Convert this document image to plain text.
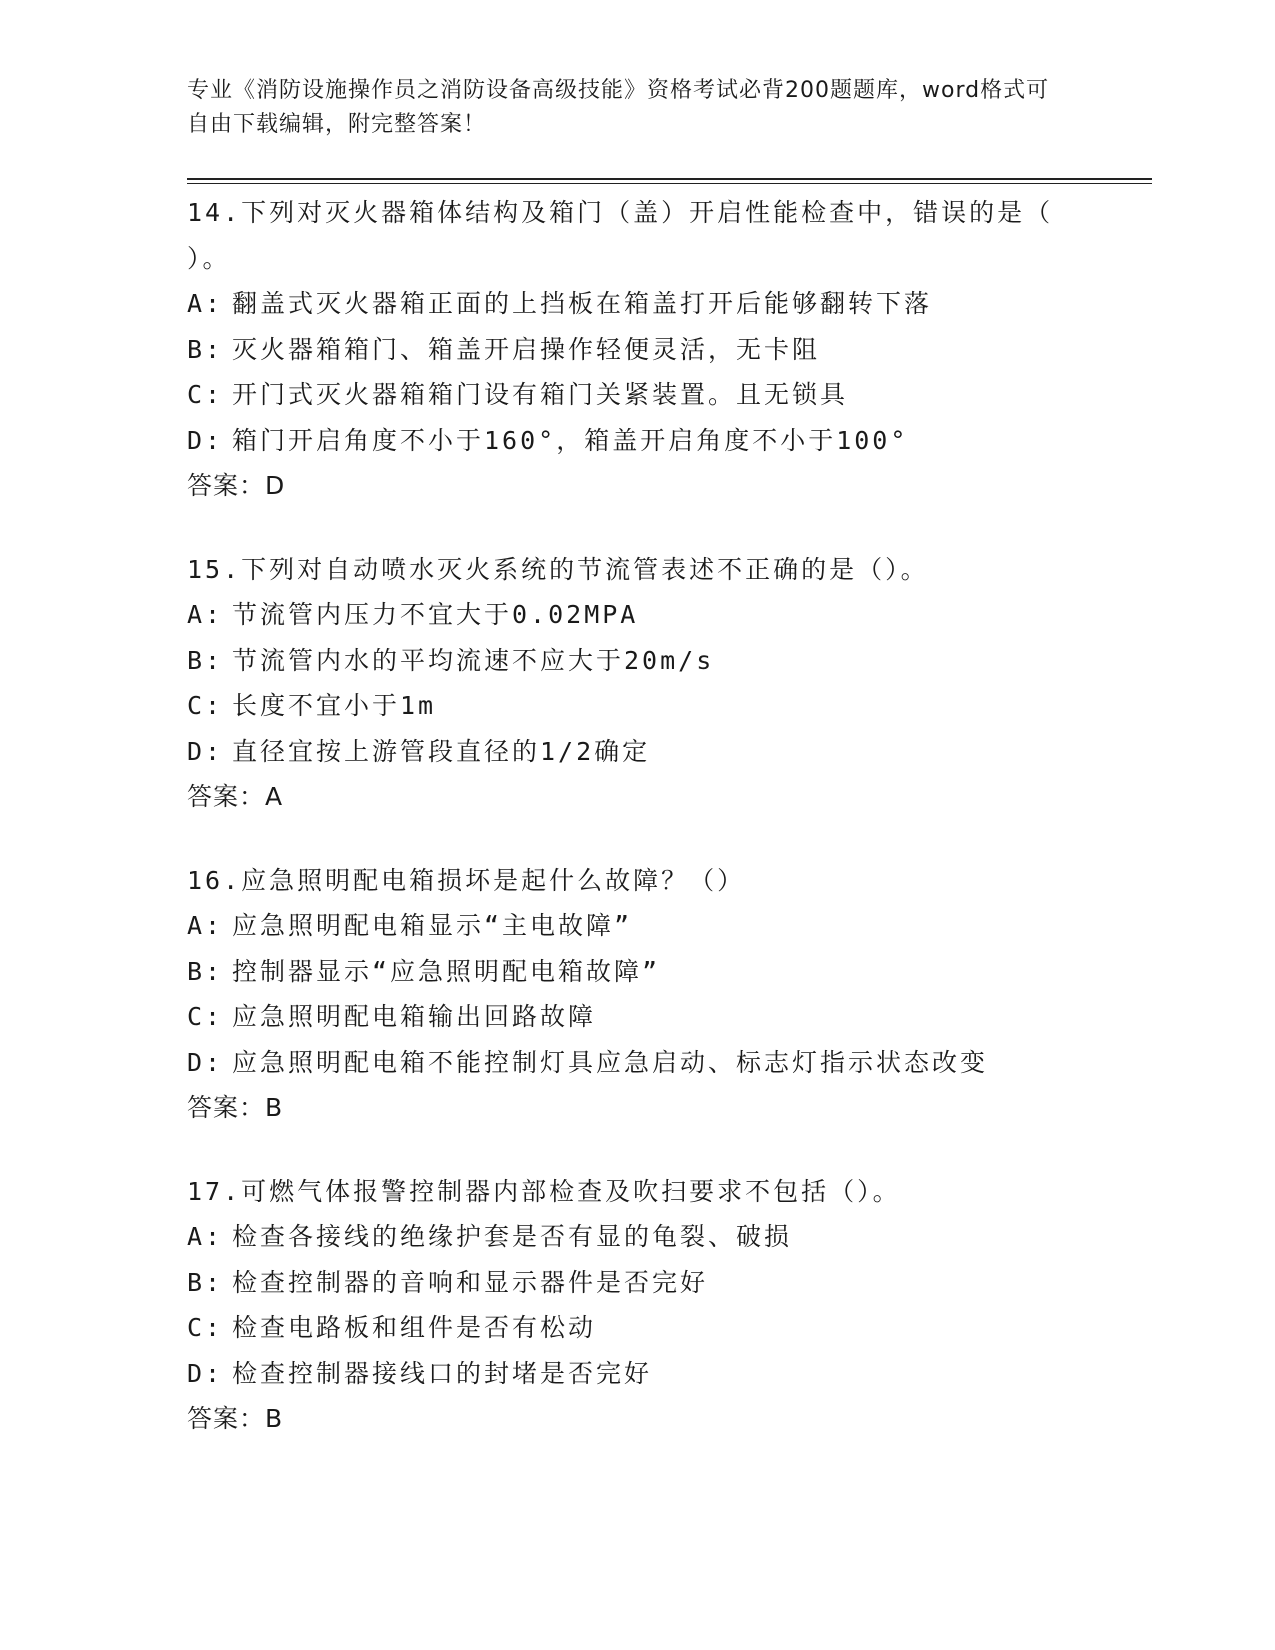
专业《消防设施操作员之消防设备高级技能》资格考试必背200题题库，word格式可自由下载编辑，附完整答案！

14.下列对灭火器箱体结构及箱门（盖）开启性能检查中，错误的是（ ）。

A: 翻盖式灭火器箱正面的上挡板在箱盖打开后能够翻转下落
B: 灭火器箱箱门、箱盖开启操作轻便灵活，无卡阻
C: 开门式灭火器箱箱门设有箱门关紧装置。且无锁具
D: 箱门开启角度不小于160°，箱盖开启角度不小于100°
答案：D

15.下列对自动喷水灭火系统的节流管表述不正确的是（）。

A: 节流管内压力不宜大于0.02MPA
B: 节流管内水的平均流速不应大于20m/s
C: 长度不宜小于1m
D: 直径宜按上游管段直径的1/2确定
答案：A

16.应急照明配电箱损坏是起什么故障？（）

A: 应急照明配电箱显示“主电故障”
B: 控制器显示“应急照明配电箱故障”
C: 应急照明配电箱输出回路故障
D: 应急照明配电箱不能控制灯具应急启动、标志灯指示状态改变
答案：B

17.可燃气体报警控制器内部检查及吹扫要求不包括（）。

A: 检查各接线的绝缘护套是否有显的龟裂、破损
B: 检查控制器的音响和显示器件是否完好
C: 检查电路板和组件是否有松动
D: 检查控制器接线口的封堵是否完好
答案：B
